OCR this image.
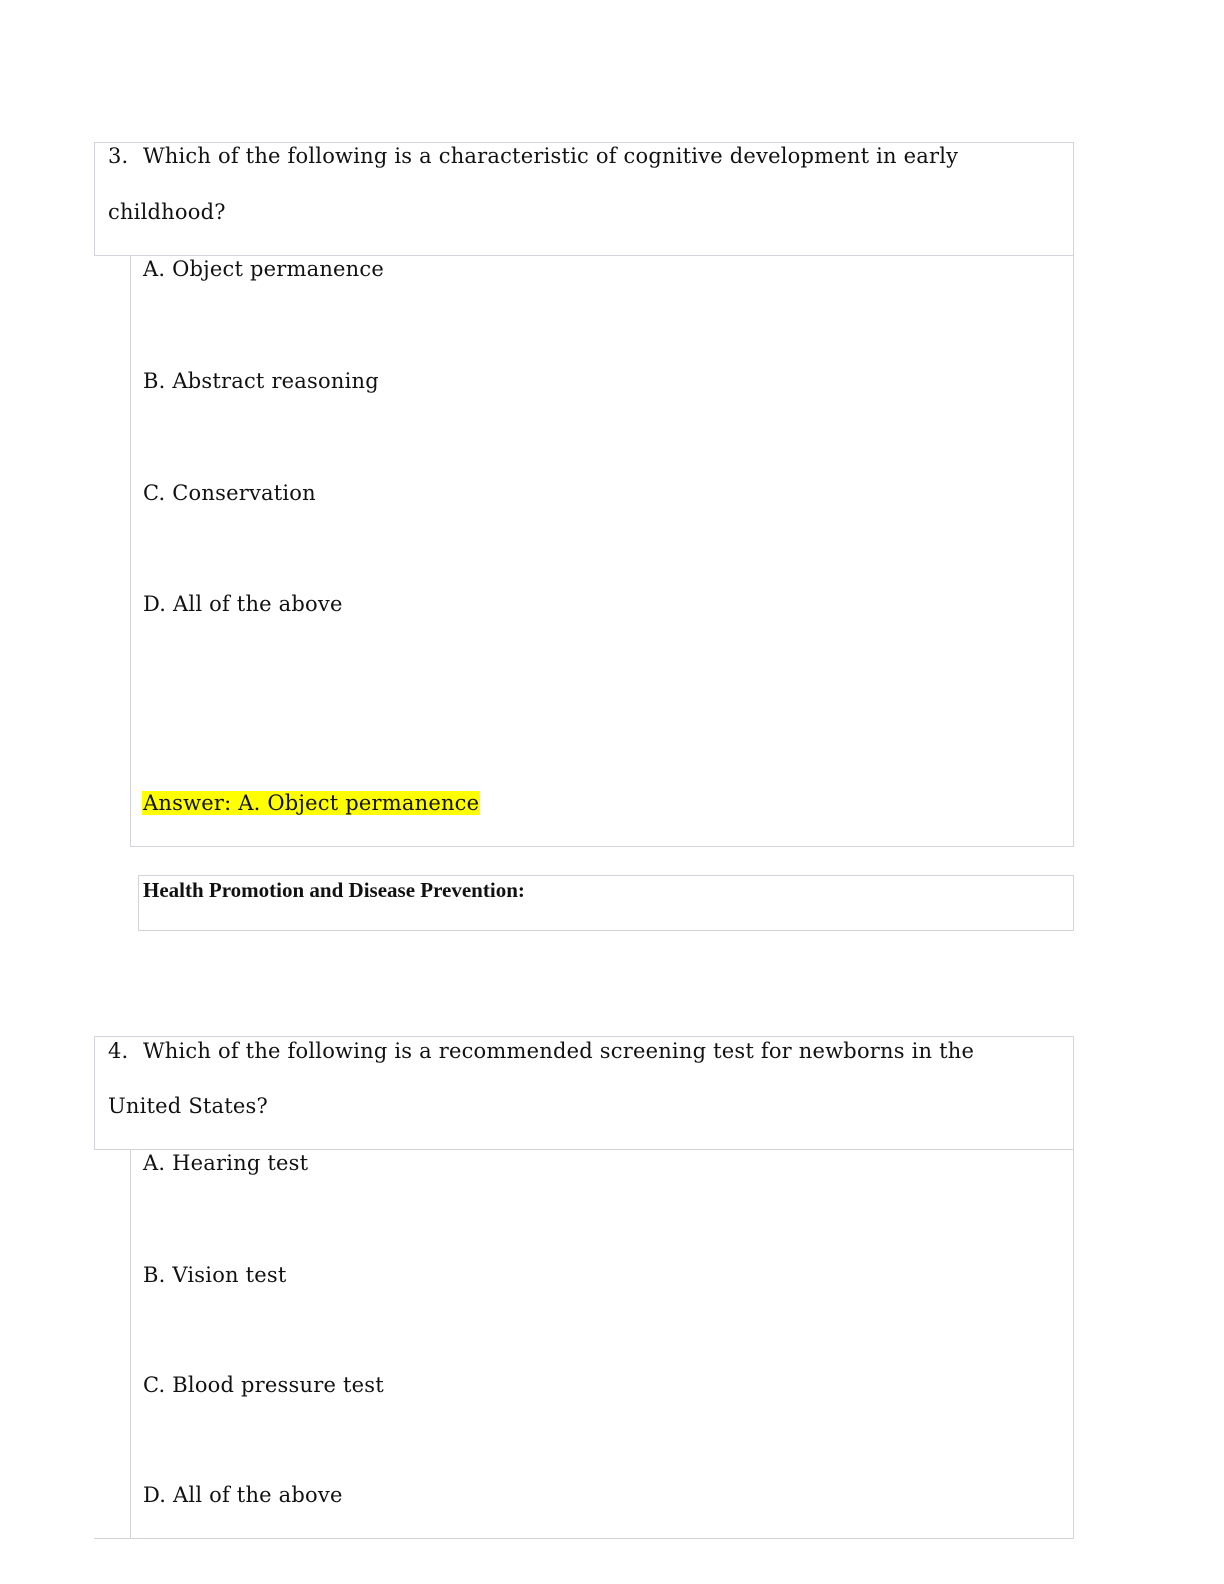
3. Which of the following is a characteristic of cognitive development in early
childhood?
A. Object permanence
B. Abstract reasoning
C. Conservation
D. All of the above
Answer: A. Object permanence
Health Promotion and Disease Prevention:
4. Which of the following is a recommended screening test for newborns in the
United States?
A. Hearing test
B. Vision test
C. Blood pressure test
D. All of the above
